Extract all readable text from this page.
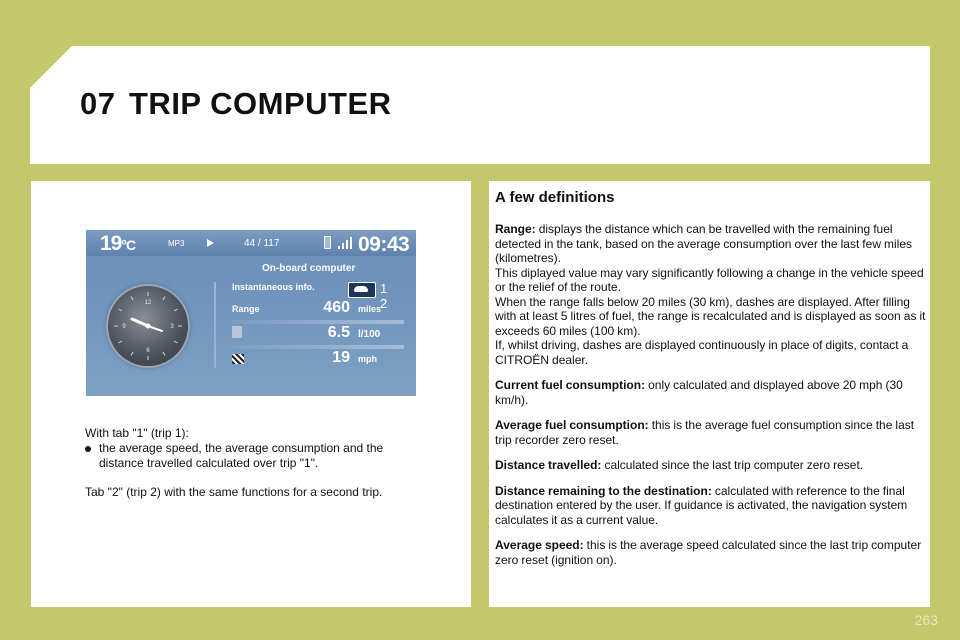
07 TRIP COMPUTER
19°C	MP3	44 / 117	09:43
On-board computer
12
3
6
9
Instantaneous info.	1 2
Range	460 miles
6.5 l/100
19 mph

With tab "1" (trip 1):

the average speed, the average consumption and the distance travelled calculated over trip "1".

Tab "2" (trip 2) with the same functions for a second trip.

A few definitions

Range: displays the distance which can be travelled with the remaining fuel detected in the tank, based on the average consumption over the last few miles (kilometres).
This diplayed value may vary significantly following a change in the vehicle speed or the relief of the route.
When the range falls below 20 miles (30 km), dashes are displayed. After filling with at least 5 litres of fuel, the range is recalculated and is displayed as soon as it exceeds 60 miles (100 km).
If, whilst driving, dashes are displayed continuously in place of digits, contact a CITROËN dealer.

Current fuel consumption: only calculated and displayed above 20 mph (30 km/h).

Average fuel consumption: this is the average fuel consumption since the last trip recorder zero reset.

Distance travelled: calculated since the last trip computer zero reset.

Distance remaining to the destination: calculated with reference to the final destination entered by the user. If guidance is activated, the navigation system calculates it as a current value.

Average speed: this is the average speed calculated since the last trip computer zero reset (ignition on).

263
